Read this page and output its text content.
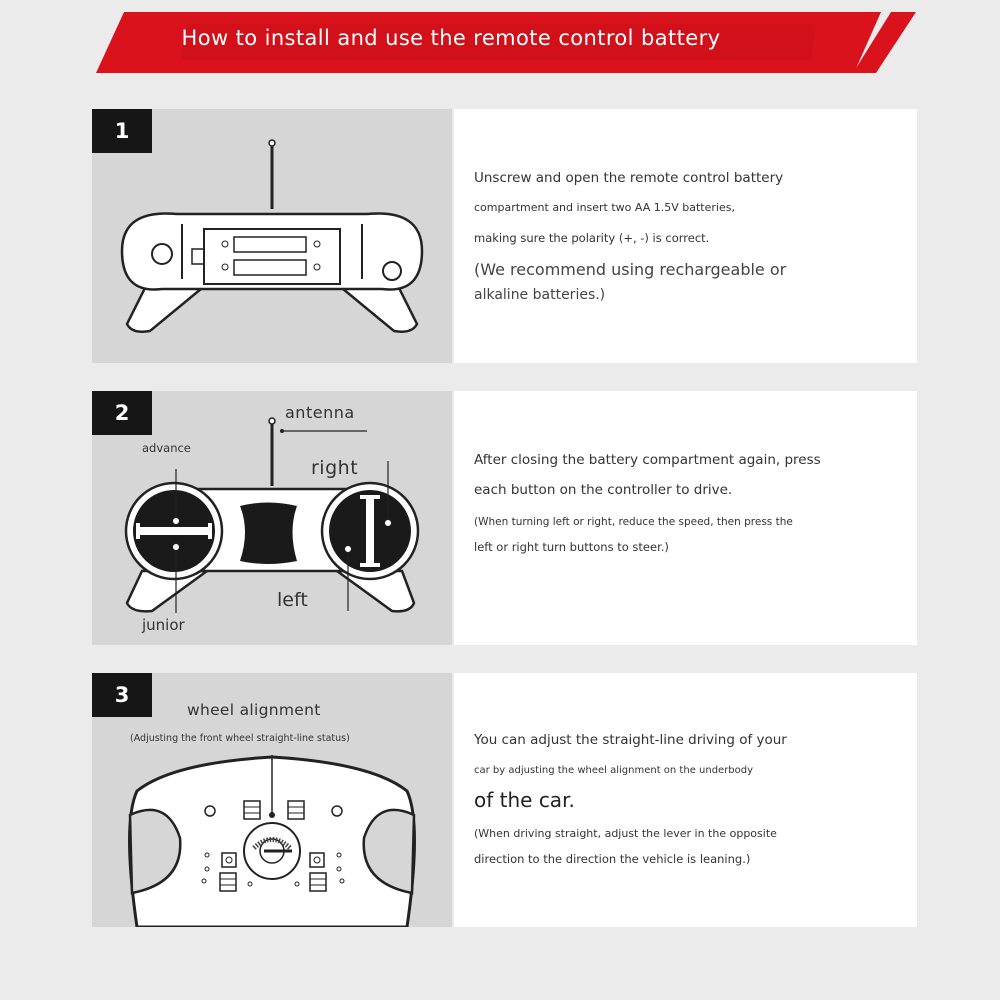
How to install and use the remote control battery
1
Unscrew and open the remote control battery
compartment and insert two AA 1.5V batteries,
making sure the polarity (+, -) is correct.
(We recommend using rechargeable or
alkaline batteries.)
2	antenna
advance
right
left
junior
After closing the battery compartment again, press
each button on the controller to drive.
(When turning left or right, reduce the speed, then press the
left or right turn buttons to steer.)
3
wheel alignment
(Adjusting the front wheel straight-line status)	You can adjust the straight-line driving of your
car by adjusting the wheel alignment on the underbody
of the car.
(When driving straight, adjust the lever in the opposite
direction to the direction the vehicle is leaning.)
